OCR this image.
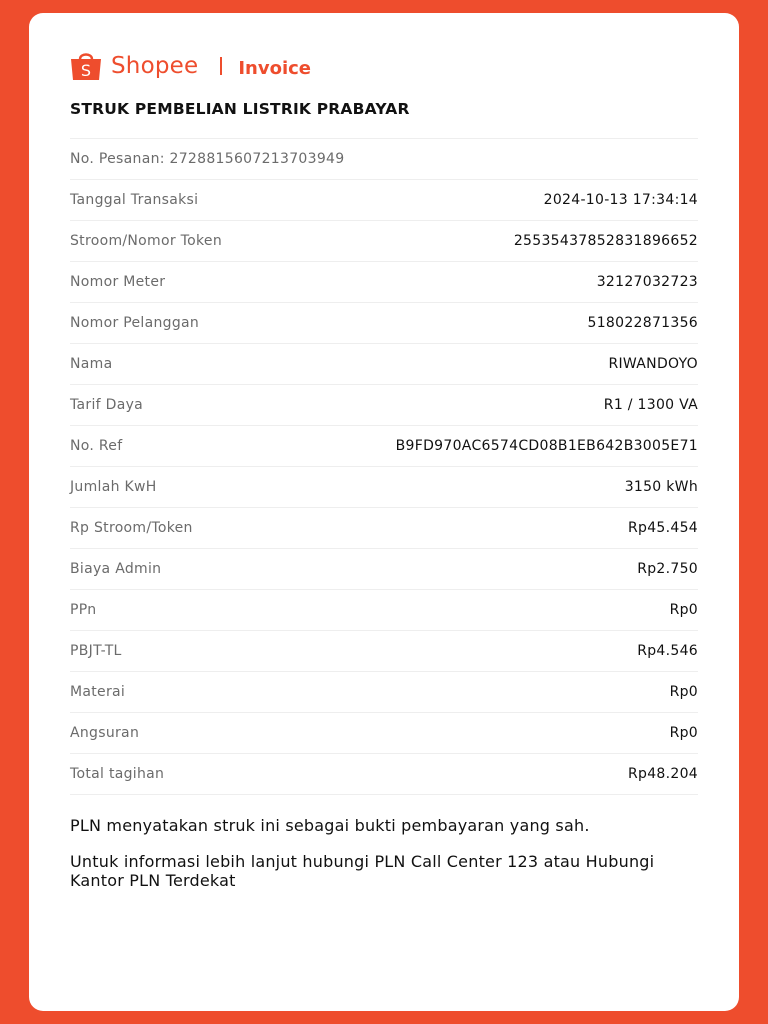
S Shopee Invoice
STRUK PEMBELIAN LISTRIK PRABAYAR
No. Pesanan: 2728815607213703949
Tanggal Transaksi	2024-10-13 17:34:14
Stroom/Nomor Token	25535437852831896652
Nomor Meter	32127032723
Nomor Pelanggan	518022871356
Nama	RIWANDOYO
Tarif Daya	R1 / 1300 VA
No. Ref	B9FD970AC6574CD08B1EB642B3005E71
Jumlah KwH	3150 kWh
Rp Stroom/Token	Rp45.454
Biaya Admin	Rp2.750
PPn	Rp0
PBJT-TL	Rp4.546
Materai	Rp0
Angsuran	Rp0
Total tagihan	Rp48.204

PLN menyatakan struk ini sebagai bukti pembayaran yang sah.

Untuk informasi lebih lanjut hubungi PLN Call Center 123 atau Hubungi Kantor PLN Terdekat
